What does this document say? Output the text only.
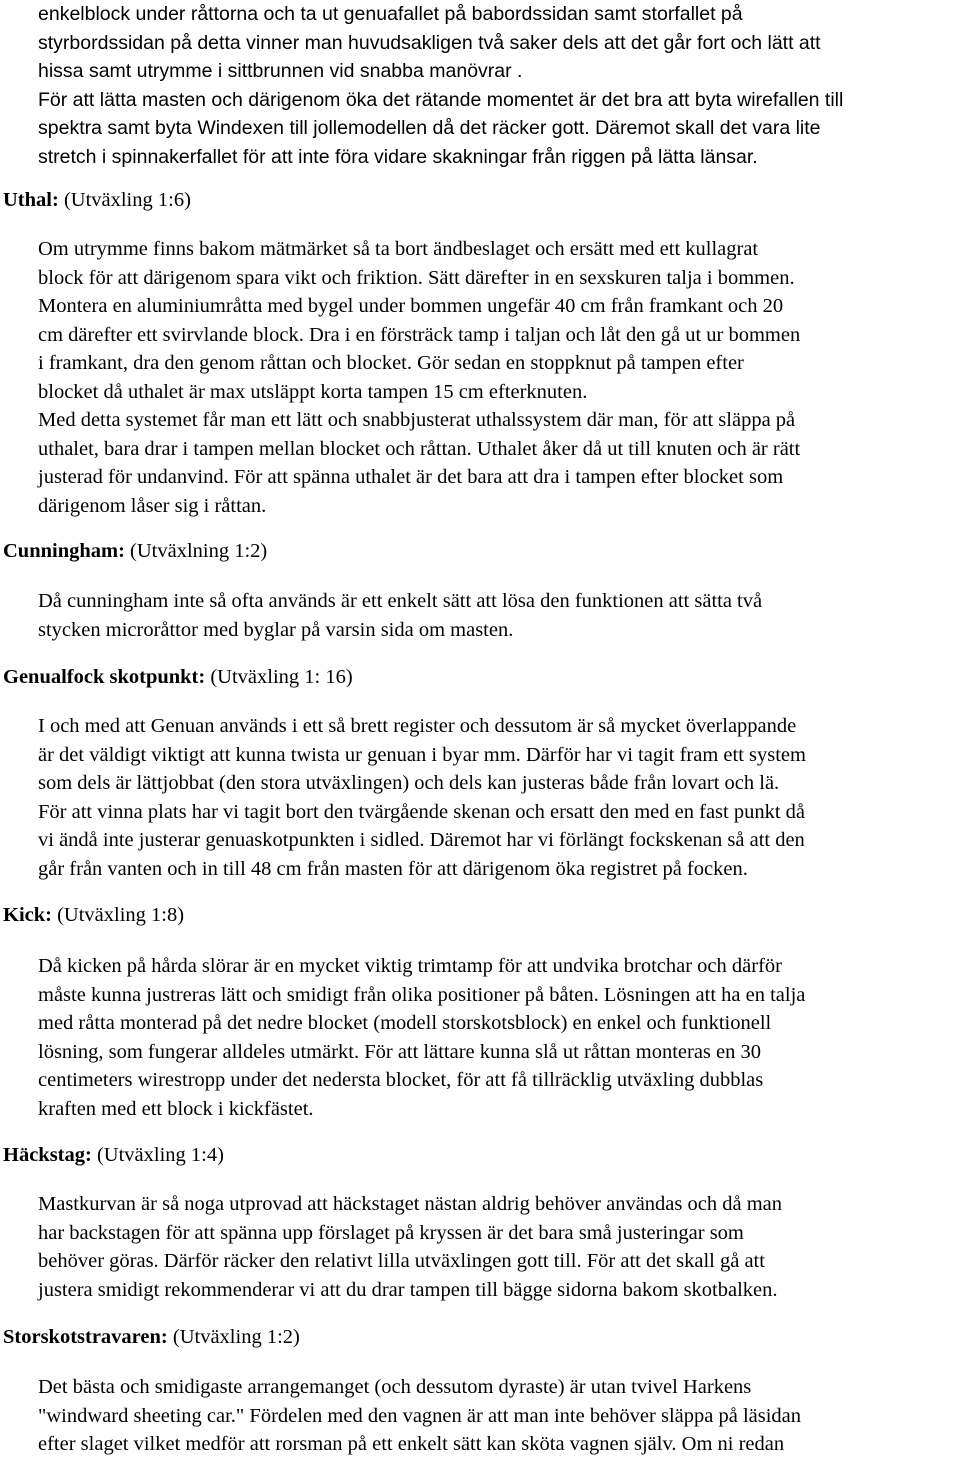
enkelblock under råttorna och ta ut genuafallet på babordssidan samt storfallet på
styrbordssidan på detta vinner man huvudsakligen två saker dels att det går fort och lätt att
hissa samt utrymme i sittbrunnen vid snabba manövrar .
För att lätta masten och därigenom öka det rätande momentet är det bra att byta wirefallen till
spektra samt byta Windexen till jollemodellen då det räcker gott. Däremot skall det vara lite
stretch i spinnakerfallet för att inte föra vidare skakningar från riggen på lätta länsar.

Uthal: (Utväxling 1:6)

Om utrymme finns bakom mätmärket så ta bort ändbeslaget och ersätt med ett kullagrat
block för att därigenom spara vikt och friktion. Sätt därefter in en sexskuren talja i bommen.
Montera en aluminiumråtta med bygel under bommen ungefär 40 cm från framkant och 20
cm därefter ett svirvlande block. Dra i en försträck tamp i taljan och låt den gå ut ur bommen
i framkant, dra den genom råttan och blocket. Gör sedan en stoppknut på tampen efter
blocket då uthalet är max utsläppt korta tampen 15 cm efterknuten.
Med detta systemet får man ett lätt och snabbjusterat uthalssystem där man, för att släppa på
uthalet, bara drar i tampen mellan blocket och råttan. Uthalet åker då ut till knuten och är rätt
justerad för undanvind. För att spänna uthalet är det bara att dra i tampen efter blocket som
därigenom låser sig i råttan.

Cunningham: (Utväxlning 1:2)

Då cunningham inte så ofta används är ett enkelt sätt att lösa den funktionen att sätta två
stycken microråttor med byglar på varsin sida om masten.

Genualfock skotpunkt: (Utväxling 1: 16)

I och med att Genuan används i ett så brett register och dessutom är så mycket överlappande
är det väldigt viktigt att kunna twista ur genuan i byar mm. Därför har vi tagit fram ett system
som dels är lättjobbat (den stora utväxlingen) och dels kan justeras både från lovart och lä.
För att vinna plats har vi tagit bort den tvärgående skenan och ersatt den med en fast punkt då
vi ändå inte justerar genuaskotpunkten i sidled. Däremot har vi förlängt fockskenan så att den
går från vanten och in till 48 cm från masten för att därigenom öka registret på focken.

Kick: (Utväxling 1:8)

Då kicken på hårda slörar är en mycket viktig trimtamp för att undvika brotchar och därför
måste kunna justreras lätt och smidigt från olika positioner på båten. Lösningen att ha en talja
med råtta monterad på det nedre blocket (modell storskotsblock) en enkel och funktionell
lösning, som fungerar alldeles utmärkt. För att lättare kunna slå ut råttan monteras en 30
centimeters wirestropp under det nedersta blocket, för att få tillräcklig utväxling dubblas
kraften med ett block i kickfästet.

Häckstag: (Utväxling 1:4)

Mastkurvan är så noga utprovad att häckstaget nästan aldrig behöver användas och då man
har backstagen för att spänna upp förslaget på kryssen är det bara små justeringar som
behöver göras. Därför räcker den relativt lilla utväxlingen gott till. För att det skall gå att
justera smidigt rekommenderar vi att du drar tampen till bägge sidorna bakom skotbalken.

Storskotstravaren: (Utväxling 1:2)

Det bästa och smidigaste arrangemanget (och dessutom dyraste) är utan tvivel Harkens
"windward sheeting car." Fördelen med den vagnen är att man inte behöver släppa på läsidan
efter slaget vilket medför att rorsman på ett enkelt sätt kan sköta vagnen själv. Om ni redan
